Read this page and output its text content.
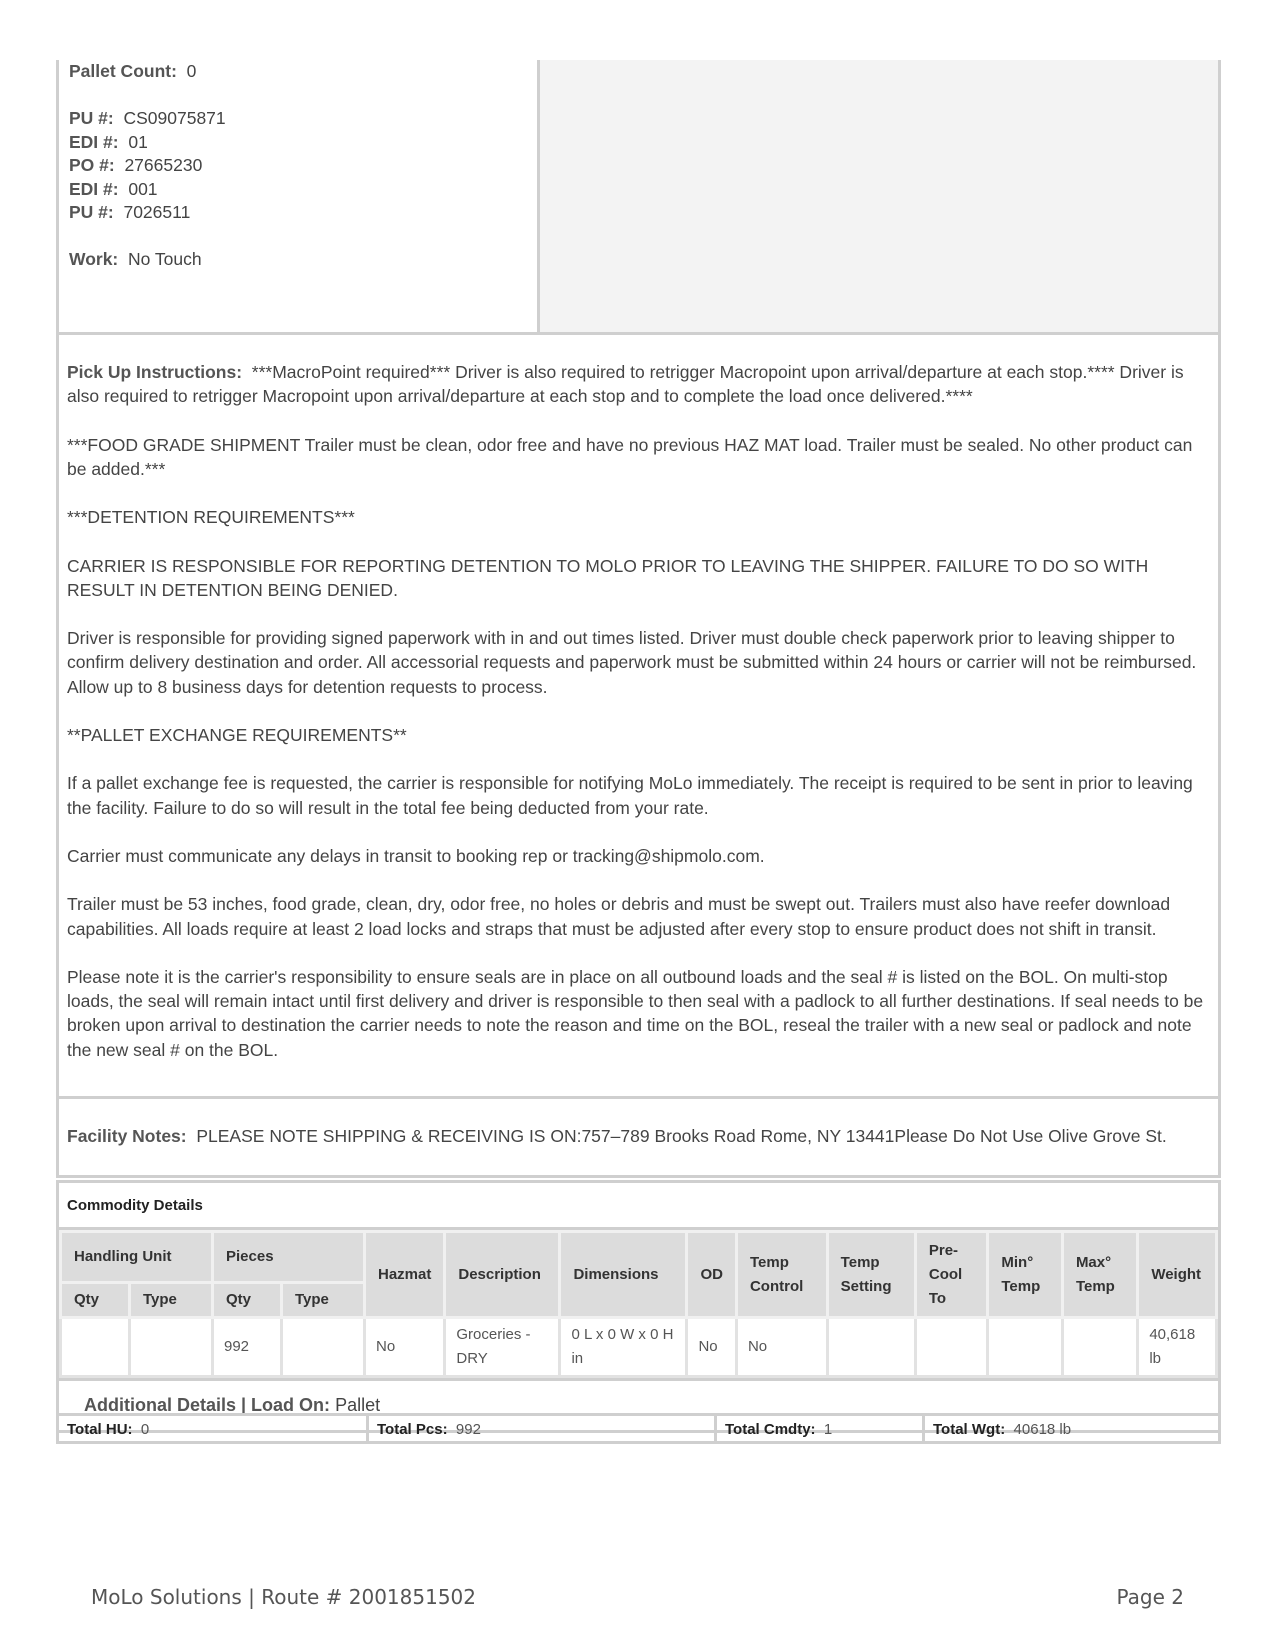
Pallet Count: 0
PU #: CS09075871
EDI #: 01
PO #: 27665230
EDI #: 001
PU #: 7026511
Work: No Touch

Pick Up Instructions: ***MacroPoint required*** Driver is also required to retrigger Macropoint upon arrival/departure at each stop.**** Driver is also required to retrigger Macropoint upon arrival/departure at each stop and to complete the load once delivered.****

***FOOD GRADE SHIPMENT Trailer must be clean, odor free and have no previous HAZ MAT load. Trailer must be sealed. No other product can be added.***

***DETENTION REQUIREMENTS***

CARRIER IS RESPONSIBLE FOR REPORTING DETENTION TO MOLO PRIOR TO LEAVING THE SHIPPER. FAILURE TO DO SO WITH RESULT IN DETENTION BEING DENIED.

Driver is responsible for providing signed paperwork with in and out times listed. Driver must double check paperwork prior to leaving shipper to confirm delivery destination and order. All accessorial requests and paperwork must be submitted within 24 hours or carrier will not be reimbursed. Allow up to 8 business days for detention requests to process.

**PALLET EXCHANGE REQUIREMENTS**

If a pallet exchange fee is requested, the carrier is responsible for notifying MoLo immediately. The receipt is required to be sent in prior to leaving the facility. Failure to do so will result in the total fee being deducted from your rate.

Carrier must communicate any delays in transit to booking rep or tracking@shipmolo.com.

Trailer must be 53 inches, food grade, clean, dry, odor free, no holes or debris and must be swept out. Trailers must also have reefer download capabilities. All loads require at least 2 load locks and straps that must be adjusted after every stop to ensure product does not shift in transit.

Please note it is the carrier's responsibility to ensure seals are in place on all outbound loads and the seal # is listed on the BOL. On multi-stop loads, the seal will remain intact until first delivery and driver is responsible to then seal with a padlock to all further destinations. If seal needs to be broken upon arrival to destination the carrier needs to note the reason and time on the BOL, reseal the trailer with a new seal or padlock and note the new seal # on the BOL.

Facility Notes: PLEASE NOTE SHIPPING & RECEIVING IS ON:757–789 Brooks Road Rome, NY 13441Please Do Not Use Olive Grove St.
Commodity Details
Handling Unit		Pieces		Hazmat	Description	Dimensions	OD	Temp Control	Temp Setting	Pre-Cool To	Min° Temp	Max° Temp	Weight
Qty	Type	Qty	Type										
		992		No	Groceries - DRY	0 L x 0 W x 0 H in	No	No					40,618 lb
Additional Details | Load On: Pallet
Total HU: 0	Total Pcs: 992	Total Cmdty: 1	Total Wgt: 40618 lb
MoLo Solutions | Route # 2001851502	Page 2
